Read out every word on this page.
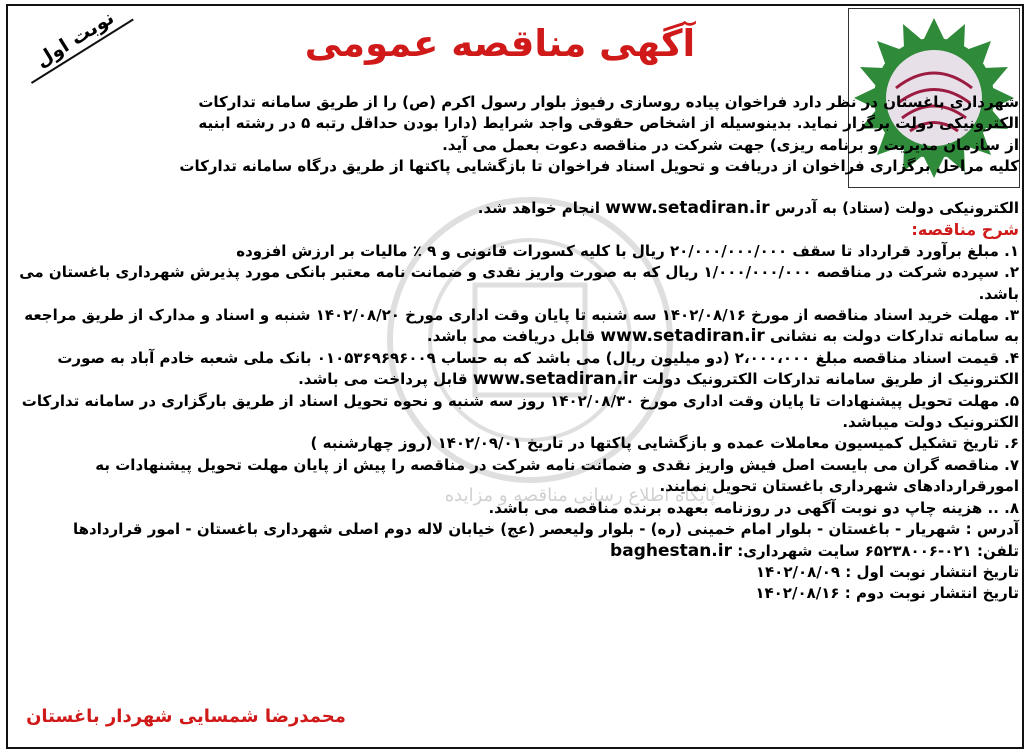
نوبت اول	آگهی مناقصه عمومی
پایگاه اطلاع رسانی مناقصه و مزایده

شهرداری باغستان در نظر دارد فراخوان پیاده روسازی رفیوژ بلوار رسول اکرم (ص) را از طریق سامانه تدارکات

الکترونیکی دولت برگزار نماید. بدینوسیله از اشخاص حقوقی واجد شرایط (دارا بودن حداقل رتبه ۵ در رشته ابنیه

از سازمان مدیریت و برنامه ریزی) جهت شرکت در مناقصه دعوت بعمل می آید.

کلیه مراحل برگزاری فراخوان از دریافت و تحویل اسناد فراخوان تا بازگشایی پاکتها از طریق درگاه سامانه تدارکات

الکترونیکی دولت (ستاد) به آدرس www.setadiran.ir انجام خواهد شد.

شرح مناقصه:

۱. مبلغ برآورد قرارداد تا سقف ۲۰/۰۰۰/۰۰۰/۰۰۰ ریال با کلیه کسورات قانونی و ۹ ٪ مالیات بر ارزش افزوده

۲. سپرده شرکت در مناقصه ۱/۰۰۰/۰۰۰/۰۰۰ ریال که به صورت واریز نقدی و ضمانت نامه معتبر بانکی مورد پذیرش شهرداری باغستان می

باشد.

۳. مهلت خرید اسناد مناقصه از مورخ ۱۴۰۲/۰۸/۱۶ سه شنبه تا پایان وقت اداری مورخ ۱۴۰۲/۰۸/۲۰ شنبه و اسناد و مدارک از طریق مراجعه

به سامانه تدارکات دولت به نشانی www.setadiran.ir قابل دریافت می باشد.

۴. قیمت اسناد مناقصه مبلغ ۲،۰۰۰،۰۰۰ (دو میلیون ریال) می باشد که به حساب ۰۱۰۵۳۶۹۶۹۶۰۰۹ بانک ملی شعبه خادم آباد به صورت

الکترونیک از طریق سامانه تدارکات الکترونیک دولت www.setadiran.ir قابل پرداخت می باشد.

۵. مهلت تحویل پیشنهادات تا پایان وقت اداری مورخ ۱۴۰۲/۰۸/۳۰ روز سه شنبه و نحوه تحویل اسناد از طریق بارگزاری در سامانه تدارکات

الکترونیک دولت میباشد.

۶. تاریخ تشکیل کمیسیون معاملات عمده و بازگشایی پاکتها در تاریخ ۱۴۰۲/۰۹/۰۱ (روز چهارشنبه )

۷. مناقصه گران می بایست اصل فیش واریز نقدی و ضمانت نامه شرکت در مناقصه را پیش از پایان مهلت تحویل پیشنهادات به

امورقراردادهای شهرداری باغستان تحویل نمایند.

۸. .. هزینه چاپ دو نوبت آگهی در روزنامه بعهده برنده مناقصه می باشد.

آدرس : شهریار - باغستان - بلوار امام خمینی (ره) - بلوار ولیعصر (عج) خیابان لاله دوم اصلی شهرداری باغستان - امور قراردادها

تلفن: ۰۲۱-۶۵۲۳۸۰۰۶ سایت شهرداری: baghestan.ir

تاریخ انتشار نوبت اول : ۱۴۰۲/۰۸/۰۹

تاریخ انتشار نوبت دوم : ۱۴۰۲/۰۸/۱۶

محمدرضا شمسایی شهردار باغستان
